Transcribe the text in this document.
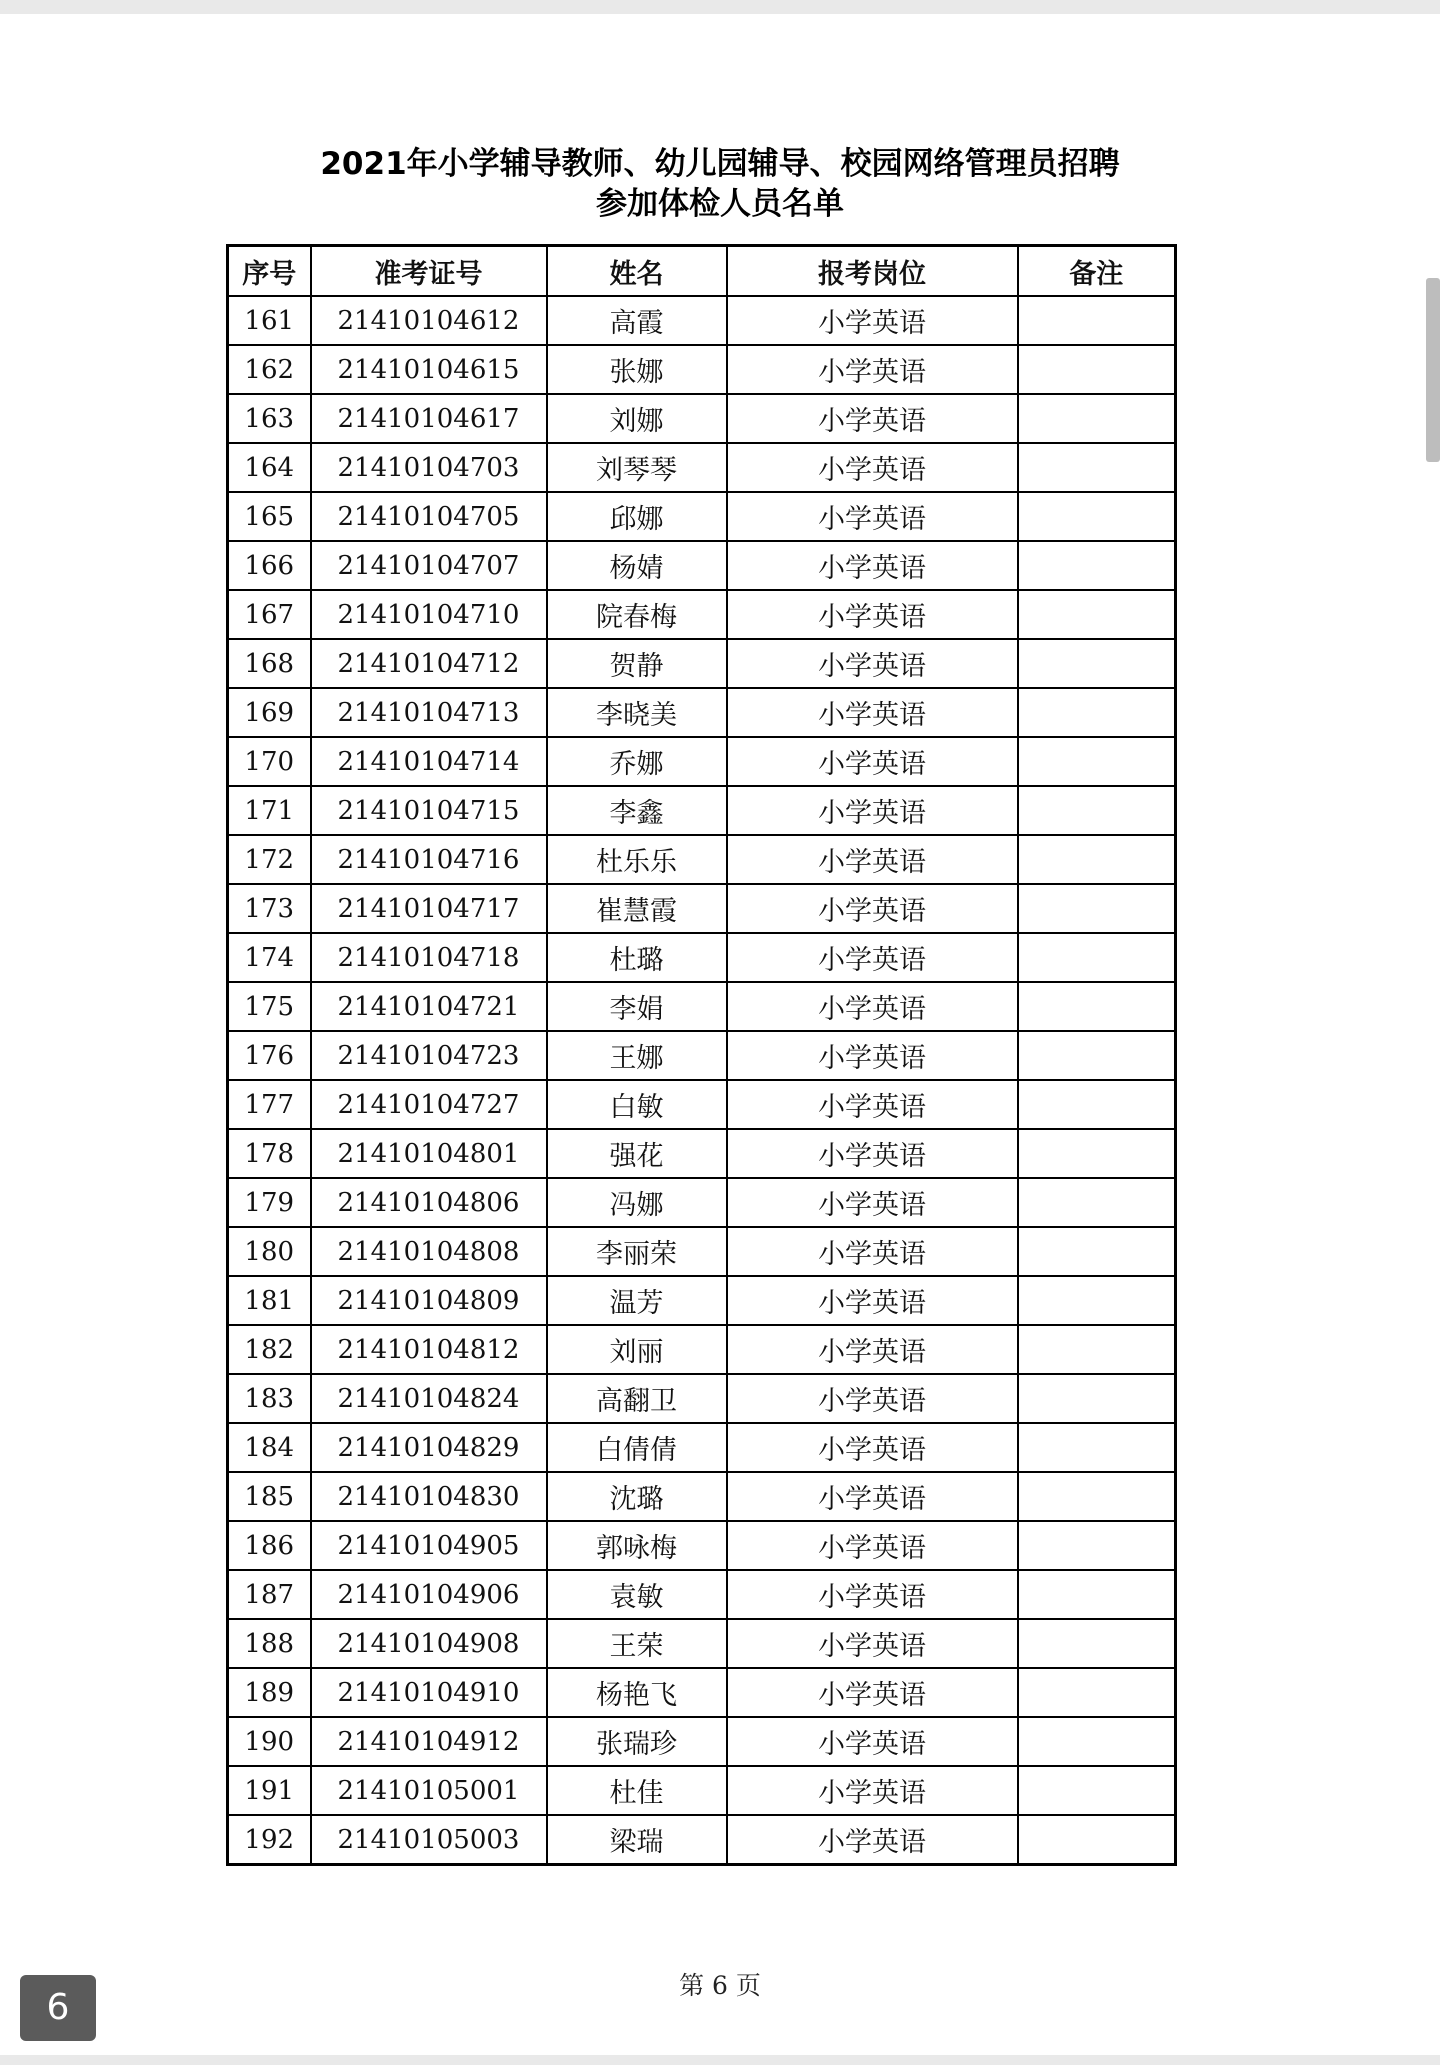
2021年小学辅导教师、幼儿园辅导、校园网络管理员招聘
参加体检人员名单
序号	准考证号	姓名	报考岗位	备注
161	21410104612	高霞	小学英语	
162	21410104615	张娜	小学英语	
163	21410104617	刘娜	小学英语	
164	21410104703	刘琴琴	小学英语	
165	21410104705	邱娜	小学英语	
166	21410104707	杨婧	小学英语	
167	21410104710	院春梅	小学英语	
168	21410104712	贺静	小学英语	
169	21410104713	李晓美	小学英语	
170	21410104714	乔娜	小学英语	
171	21410104715	李鑫	小学英语	
172	21410104716	杜乐乐	小学英语	
173	21410104717	崔慧霞	小学英语	
174	21410104718	杜璐	小学英语	
175	21410104721	李娟	小学英语	
176	21410104723	王娜	小学英语	
177	21410104727	白敏	小学英语	
178	21410104801	强花	小学英语	
179	21410104806	冯娜	小学英语	
180	21410104808	李丽荣	小学英语	
181	21410104809	温芳	小学英语	
182	21410104812	刘丽	小学英语	
183	21410104824	高翻卫	小学英语	
184	21410104829	白倩倩	小学英语	
185	21410104830	沈璐	小学英语	
186	21410104905	郭咏梅	小学英语	
187	21410104906	袁敏	小学英语	
188	21410104908	王荣	小学英语	
189	21410104910	杨艳飞	小学英语	
190	21410104912	张瑞珍	小学英语	
191	21410105001	杜佳	小学英语	
192	21410105003	梁瑞	小学英语	
第 6 页
6
